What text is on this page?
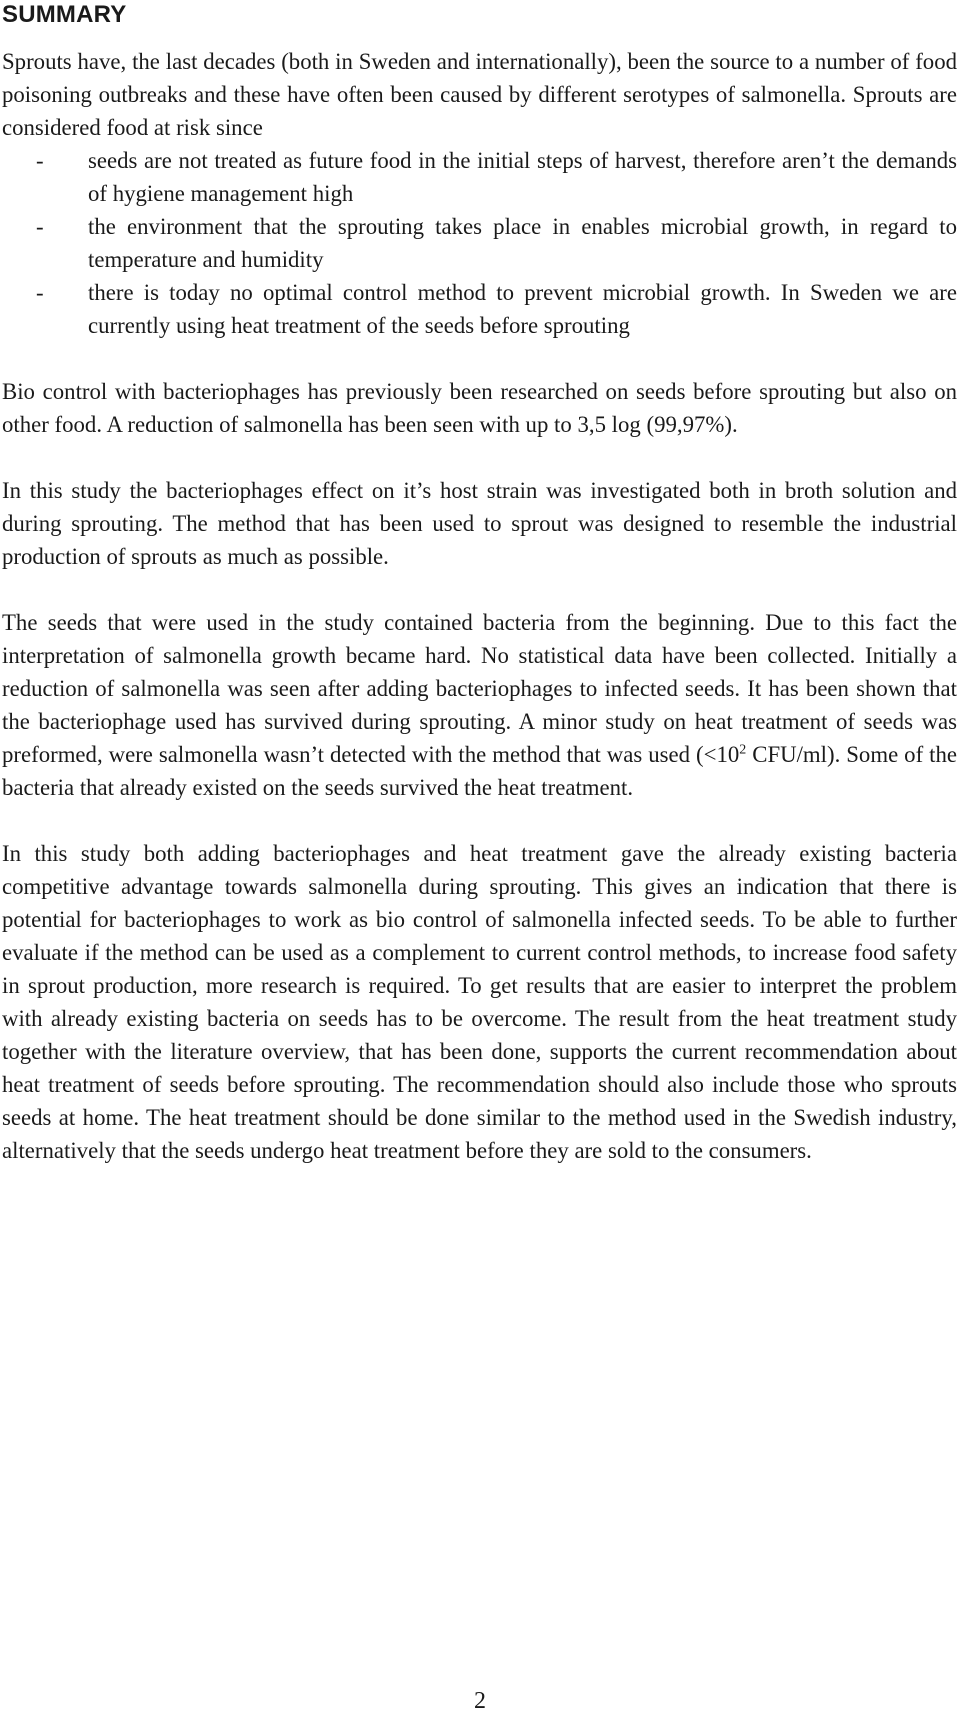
SUMMARY

Sprouts have, the last decades (both in Sweden and internationally), been the source to a number of food poisoning outbreaks and these have often been caused by different serotypes of salmonella. Sprouts are considered food at risk since

- seeds are not treated as future food in the initial steps of harvest, therefore aren’t the demands of hygiene management high
- the environment that the sprouting takes place in enables microbial growth, in regard to temperature and humidity
- there is today no optimal control method to prevent microbial growth. In Sweden we are currently using heat treatment of the seeds before sprouting

Bio control with bacteriophages has previously been researched on seeds before sprouting but also on other food. A reduction of salmonella has been seen with up to 3,5 log (99,97%).

In this study the bacteriophages effect on it’s host strain was investigated both in broth solution and during sprouting. The method that has been used to sprout was designed to resemble the industrial production of sprouts as much as possible.

The seeds that were used in the study contained bacteria from the beginning. Due to this fact the interpretation of salmonella growth became hard. No statistical data have been collected. Initially a reduction of salmonella was seen after adding bacteriophages to infected seeds. It has been shown that the bacteriophage used has survived during sprouting. A minor study on heat treatment of seeds was preformed, were salmonella wasn’t detected with the method that was used ($<10^2$ CFU/ml). Some of the bacteria that already existed on the seeds survived the heat treatment.

In this study both adding bacteriophages and heat treatment gave the already existing bacteria competitive advantage towards salmonella during sprouting. This gives an indication that there is potential for bacteriophages to work as bio control of salmonella infected seeds. To be able to further evaluate if the method can be used as a complement to current control methods, to increase food safety in sprout production, more research is required. To get results that are easier to interpret the problem with already existing bacteria on seeds has to be overcome. The result from the heat treatment study together with the literature overview, that has been done, supports the current recommendation about heat treatment of seeds before sprouting. The recommendation should also include those who sprouts seeds at home. The heat treatment should be done similar to the method used in the Swedish industry, alternatively that the seeds undergo heat treatment before they are sold to the consumers.

2
